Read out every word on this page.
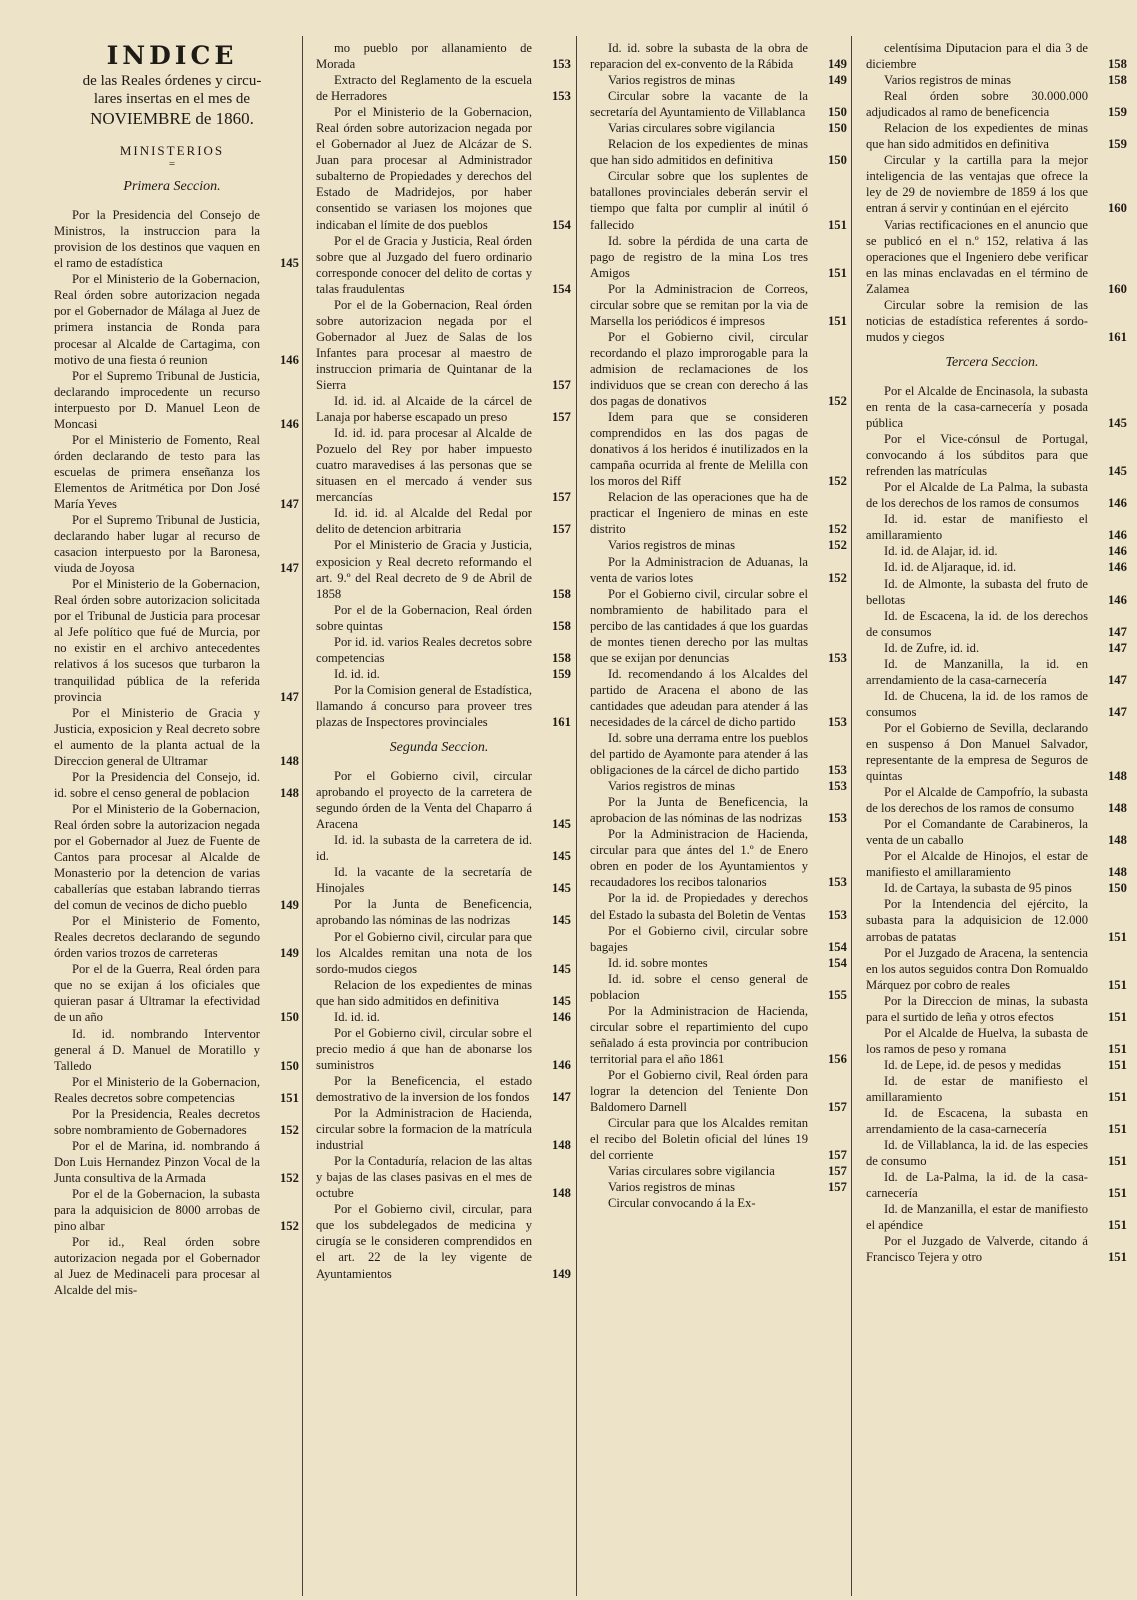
INDICE

de las Reales órdenes y circu-

lares insertas en el mes de

NOVIEMBRE de 1860.

MINISTERIOS
=
Primera Seccion.

Por la Presidencia del Consejo de Ministros, la instruccion para la provision de los destinos que vaquen en el ramo de estadística	145

Por el Ministerio de la Gobernacion, Real órden sobre autorizacion negada por el Gobernador de Málaga al Juez de primera instancia de Ronda para procesar al Alcalde de Cartagima, con motivo de una fiesta ó reunion	146

Por el Supremo Tribunal de Justicia, declarando improcedente un recurso interpuesto por D. Manuel Leon de Moncasi	146

Por el Ministerio de Fomento, Real órden declarando de testo para las escuelas de primera enseñanza los Elementos de Aritmética por Don José María Yeves	147

Por el Supremo Tribunal de Justicia, declarando haber lugar al recurso de casacion interpuesto por la Baronesa, viuda de Joyosa	147

Por el Ministerio de la Gobernacion, Real órden sobre autorizacion solicitada por el Tribunal de Justicia para procesar al Jefe político que fué de Murcia, por no existir en el archivo antecedentes relativos á los sucesos que turbaron la tranquilidad pública de la referida provincia	147

Por el Ministerio de Gracia y Justicia, exposicion y Real decreto sobre el aumento de la planta actual de la Direccion general de Ultramar	148

Por la Presidencia del Consejo, id. id. sobre el censo general de poblacion	148

Por el Ministerio de la Gobernacion, Real órden sobre la autorizacion negada por el Gobernador al Juez de Fuente de Cantos para procesar al Alcalde de Monasterio por la detencion de varias caballerías que estaban labrando tierras del comun de vecinos de dicho pueblo	149

Por el Ministerio de Fomento, Reales decretos declarando de segundo órden varios trozos de carreteras	149

Por el de la Guerra, Real órden para que no se exijan á los oficiales que quieran pasar á Ultramar la efectividad de un año	150

Id. id. nombrando Interventor general á D. Manuel de Moratillo y Talledo	150

Por el Ministerio de la Gobernacion, Reales decretos sobre competencias	151

Por la Presidencia, Reales decretos sobre nombramiento de Gobernadores	152

Por el de Marina, id. nombrando á Don Luis Hernandez Pinzon Vocal de la Junta consultiva de la Armada	152

Por el de la Gobernacion, la subasta para la adquisicion de 8000 arrobas de pino albar	152

Por id., Real órden sobre autorizacion negada por el Gobernador al Juez de Medinaceli para procesar al Alcalde del mis-

mo pueblo por allanamiento de Morada	153

Extracto del Reglamento de la escuela de Herradores	153

Por el Ministerio de la Gobernacion, Real órden sobre autorizacion negada por el Gobernador al Juez de Alcázar de S. Juan para procesar al Administrador subalterno de Propiedades y derechos del Estado de Madridejos, por haber consentido se variasen los mojones que indicaban el límite de dos pueblos	154

Por el de Gracia y Justicia, Real órden sobre que al Juzgado del fuero ordinario corresponde conocer del delito de cortas y talas fraudulentas	154

Por el de la Gobernacion, Real órden sobre autorizacion negada por el Gobernador al Juez de Salas de los Infantes para procesar al maestro de instruccion primaria de Quintanar de la Sierra	157

Id. id. id. al Alcaide de la cárcel de Lanaja por haberse escapado un preso	157

Id. id. id. para procesar al Alcalde de Pozuelo del Rey por haber impuesto cuatro maravedises á las personas que se situasen en el mercado á vender sus mercancías	157

Id. id. id. al Alcalde del Redal por delito de detencion arbitraria	157

Por el Ministerio de Gracia y Justicia, exposicion y Real decreto reformando el art. 9.º del Real decreto de 9 de Abril de 1858	158

Por el de la Gobernacion, Real órden sobre quintas	158

Por id. id. varios Reales decretos sobre competencias	158

Id. id. id.	159

Por la Comision general de Estadística, llamando á concurso para proveer tres plazas de Inspectores provinciales	161

Segunda Seccion.

Por el Gobierno civil, circular aprobando el proyecto de la carretera de segundo órden de la Venta del Chaparro á Aracena	145

Id. id. la subasta de la carretera de id. id.	145

Id. la vacante de la secretaría de Hinojales	145

Por la Junta de Beneficencia, aprobando las nóminas de las nodrizas	145

Por el Gobierno civil, circular para que los Alcaldes remitan una nota de los sordo-mudos ciegos	145

Relacion de los expedientes de minas que han sido admitidos en definitiva	145

Id. id. id.	146

Por el Gobierno civil, circular sobre el precio medio á que han de abonarse los suministros	146

Por la Beneficencia, el estado demostrativo de la inversion de los fondos	147

Por la Administracion de Hacienda, circular sobre la formacion de la matrícula industrial	148

Por la Contaduría, relacion de las altas y bajas de las clases pasivas en el mes de octubre	148

Por el Gobierno civil, circular, para que los subdelegados de medicina y cirugía se le consideren comprendidos en el art. 22 de la ley vigente de Ayuntamientos	149

Id. id. sobre la subasta de la obra de reparacion del ex-convento de la Rábida	149

Varios registros de minas	149

Circular sobre la vacante de la secretaría del Ayuntamiento de Villablanca	150

Varias circulares sobre vigilancia	150

Relacion de los expedientes de minas que han sido admitidos en definitiva	150

Circular sobre que los suplentes de batallones provinciales deberán servir el tiempo que falta por cumplir al inútil ó fallecido	151

Id. sobre la pérdida de una carta de pago de registro de la mina Los tres Amigos	151

Por la Administracion de Correos, circular sobre que se remitan por la via de Marsella los periódicos é impresos	151

Por el Gobierno civil, circular recordando el plazo improrogable para la admision de reclamaciones de los individuos que se crean con derecho á las dos pagas de donativos	152

Idem para que se consideren comprendidos en las dos pagas de donativos á los heridos é inutilizados en la campaña ocurrida al frente de Melilla con los moros del Riff	152

Relacion de las operaciones que ha de practicar el Ingeniero de minas en este distrito	152

Varios registros de minas	152

Por la Administracion de Aduanas, la venta de varios lotes	152

Por el Gobierno civil, circular sobre el nombramiento de habilitado para el percibo de las cantidades á que los guardas de montes tienen derecho por las multas que se exijan por denuncias	153

Id. recomendando á los Alcaldes del partido de Aracena el abono de las cantidades que adeudan para atender á las necesidades de la cárcel de dicho partido	153

Id. sobre una derrama entre los pueblos del partido de Ayamonte para atender á las obligaciones de la cárcel de dicho partido	153

Varios registros de minas	153

Por la Junta de Beneficencia, la aprobacion de las nóminas de las nodrizas	153

Por la Administracion de Hacienda, circular para que ántes del 1.º de Enero obren en poder de los Ayuntamientos y recaudadores los recibos talonarios	153

Por la id. de Propiedades y derechos del Estado la subasta del Boletin de Ventas	153

Por el Gobierno civil, circular sobre bagajes	154

Id. id. sobre montes	154

Id. id. sobre el censo general de poblacion	155

Por la Administracion de Hacienda, circular sobre el repartimiento del cupo señalado á esta provincia por contribucion territorial para el año 1861	156

Por el Gobierno civil, Real órden para lograr la detencion del Teniente Don Baldomero Darnell	157

Circular para que los Alcaldes remitan el recibo del Boletin oficial del lúnes 19 del corriente	157

Varias circulares sobre vigilancia	157

Varios registros de minas	157

Circular convocando á la Ex-

celentísima Diputacion para el dia 3 de diciembre	158

Varios registros de minas	158

Real órden sobre 30.000.000 adjudicados al ramo de beneficencia	159

Relacion de los expedientes de minas que han sido admitidos en definitiva	159

Circular y la cartilla para la mejor inteligencia de las ventajas que ofrece la ley de 29 de noviembre de 1859 á los que entran á servir y continúan en el ejército	160

Varias rectificaciones en el anuncio que se publicó en el n.º 152, relativa á las operaciones que el Ingeniero debe verificar en las minas enclavadas en el término de Zalamea	160

Circular sobre la remision de las noticias de estadística referentes á sordo-mudos y ciegos	161

Tercera Seccion.

Por el Alcalde de Encinasola, la subasta en renta de la casa-carnecería y posada pública	145

Por el Vice-cónsul de Portugal, convocando á los súbditos para que refrenden las matrículas	145

Por el Alcalde de La Palma, la subasta de los derechos de los ramos de consumos	146

Id. id. estar de manifiesto el amillaramiento	146

Id. id. de Alajar, id. id.	146

Id. id. de Aljaraque, id. id.	146

Id. de Almonte, la subasta del fruto de bellotas	146

Id. de Escacena, la id. de los derechos de consumos	147

Id. de Zufre, id. id.	147

Id. de Manzanilla, la id. en arrendamiento de la casa-carnecería	147

Id. de Chucena, la id. de los ramos de consumos	147

Por el Gobierno de Sevilla, declarando en suspenso á Don Manuel Salvador, representante de la empresa de Seguros de quintas	148

Por el Alcalde de Campofrío, la subasta de los derechos de los ramos de consumo	148

Por el Comandante de Carabineros, la venta de un caballo	148

Por el Alcalde de Hinojos, el estar de manifiesto el amillaramiento	148

Id. de Cartaya, la subasta de 95 pinos	150

Por la Intendencia del ejército, la subasta para la adquisicion de 12.000 arrobas de patatas	151

Por el Juzgado de Aracena, la sentencia en los autos seguidos contra Don Romualdo Márquez por cobro de reales	151

Por la Direccion de minas, la subasta para el surtido de leña y otros efectos	151

Por el Alcalde de Huelva, la subasta de los ramos de peso y romana	151

Id. de Lepe, id. de pesos y medidas	151

Id. de estar de manifiesto el amillaramiento	151

Id. de Escacena, la subasta en arrendamiento de la casa-carnecería	151

Id. de Villablanca, la id. de las especies de consumo	151

Id. de La-Palma, la id. de la casa-carnecería	151

Id. de Manzanilla, el estar de manifiesto el apéndice	151

Por el Juzgado de Valverde, citando á Francisco Tejera y otro	151
